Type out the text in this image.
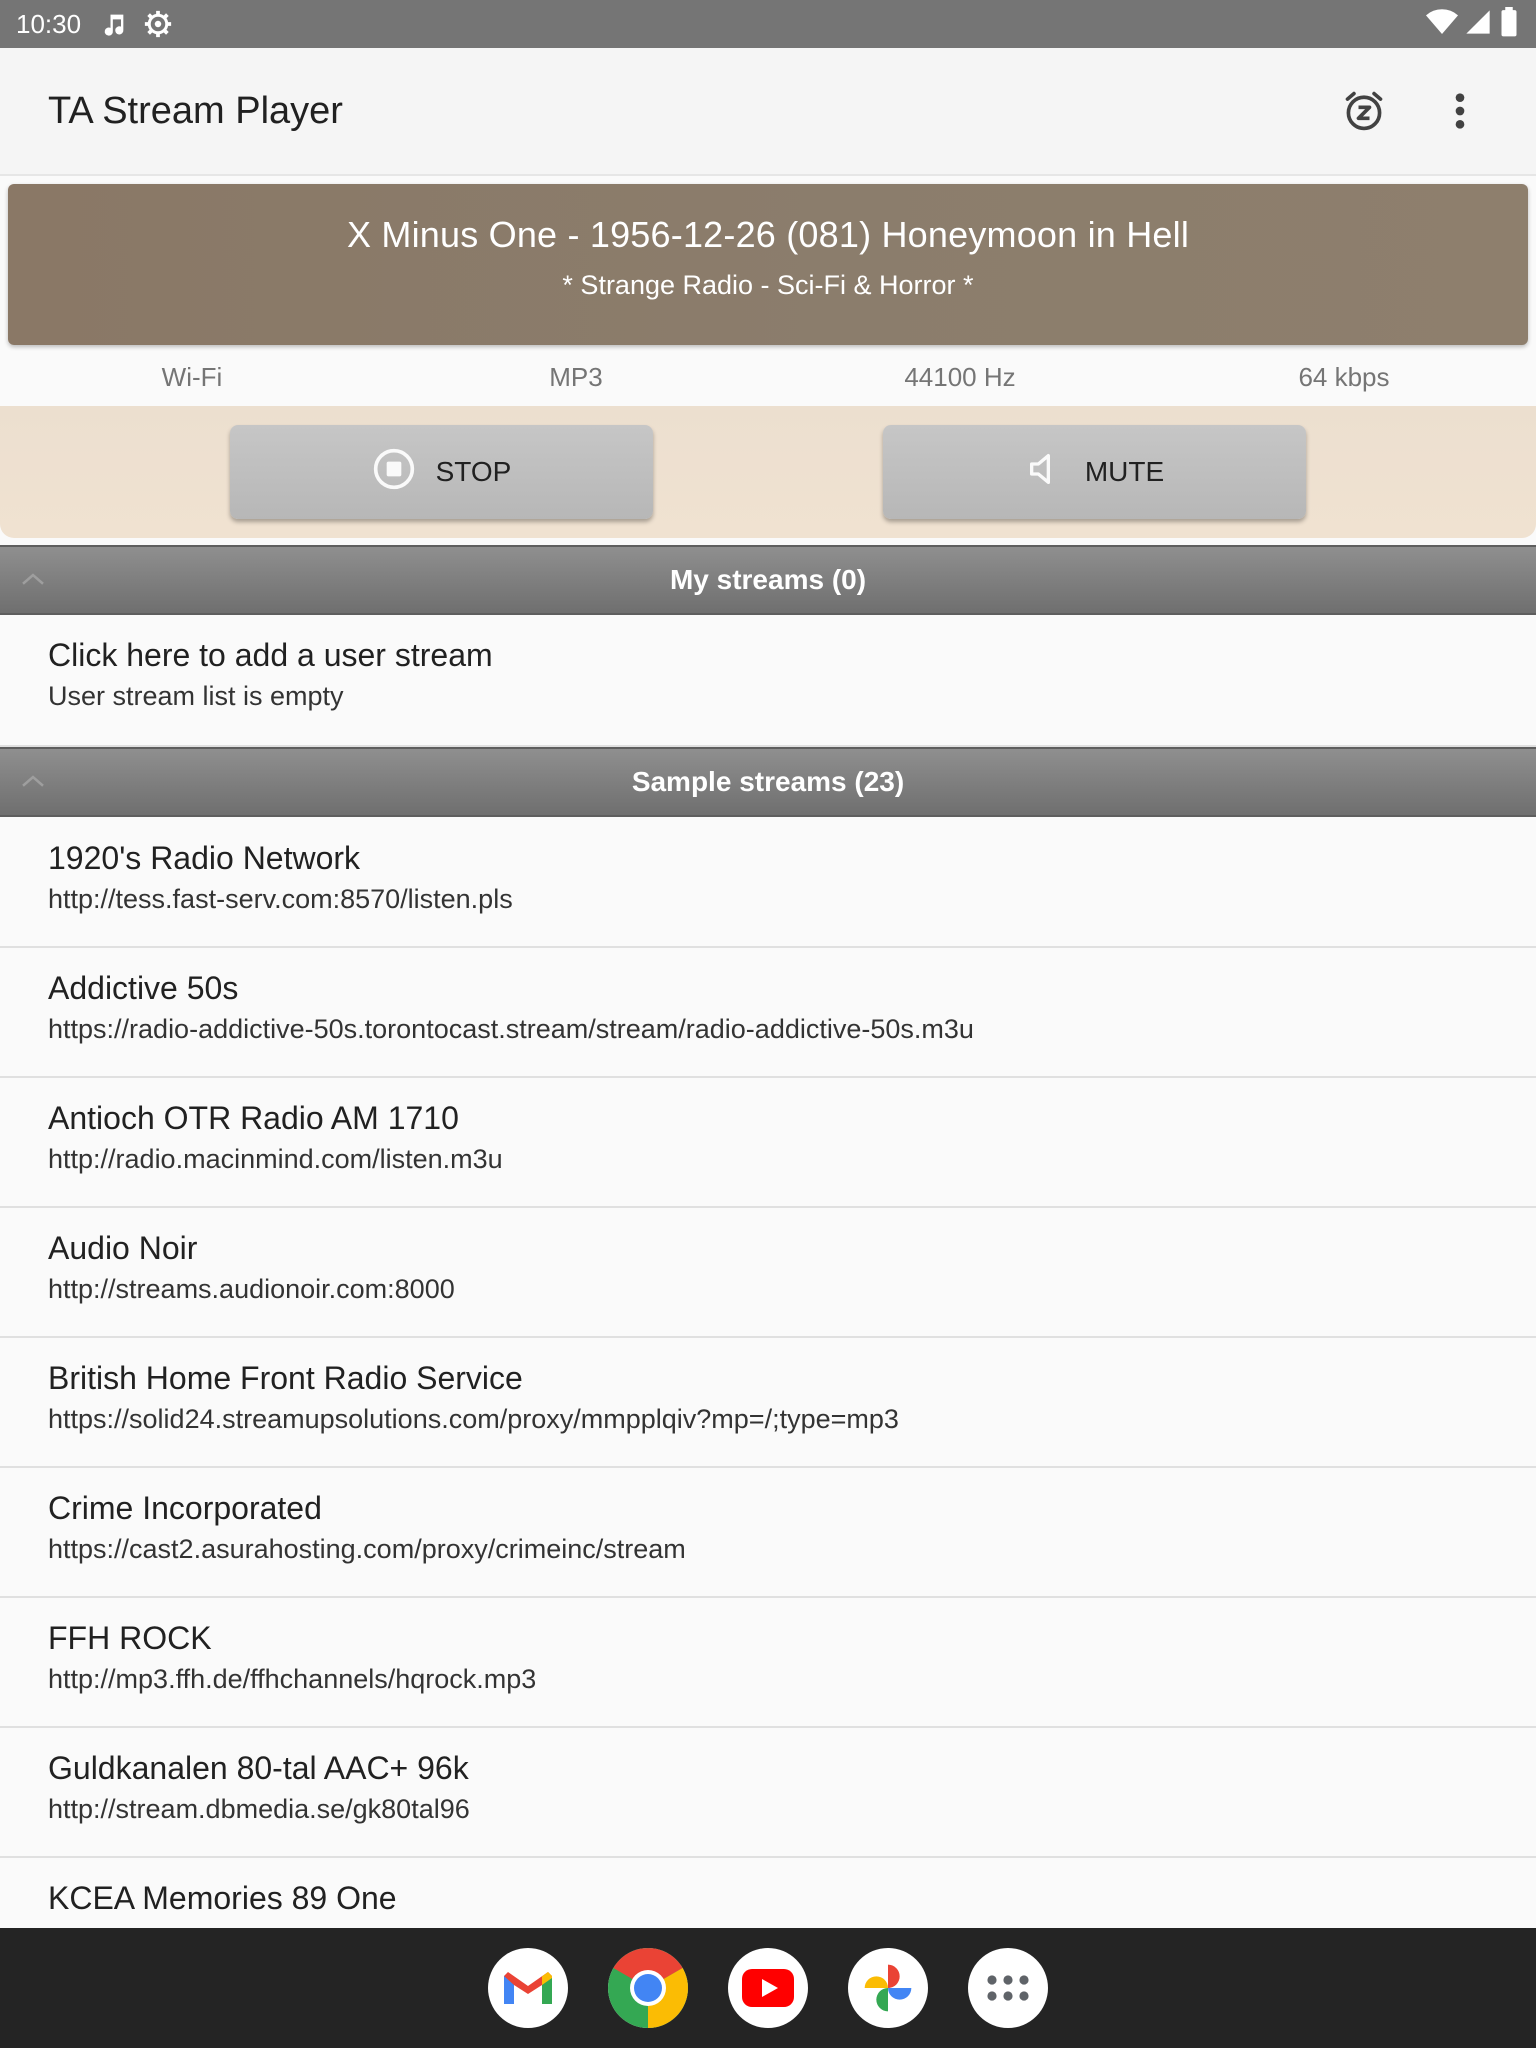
10:30
TA Stream Player
X Minus One - 1956-12-26 (081) Honeymoon in Hell
* Strange Radio - Sci-Fi & Horror *
Wi-Fi	MP3	44100 Hz	64 kbps
STOP	MUTE
My streams (0)
Click here to add a user stream
User stream list is empty
Sample streams (23)
1920's Radio Network
http://tess.fast-serv.com:8570/listen.pls
Addictive 50s
https://radio-addictive-50s.torontocast.stream/stream/radio-addictive-50s.m3u
Antioch OTR Radio AM 1710
http://radio.macinmind.com/listen.m3u
Audio Noir
http://streams.audionoir.com:8000
British Home Front Radio Service
https://solid24.streamupsolutions.com/proxy/mmpplqiv?mp=/;type=mp3
Crime Incorporated
https://cast2.asurahosting.com/proxy/crimeinc/stream
FFH ROCK
http://mp3.ffh.de/ffhchannels/hqrock.mp3
Guldkanalen 80-tal AAC+ 96k
http://stream.dbmedia.se/gk80tal96
KCEA Memories 89 One
